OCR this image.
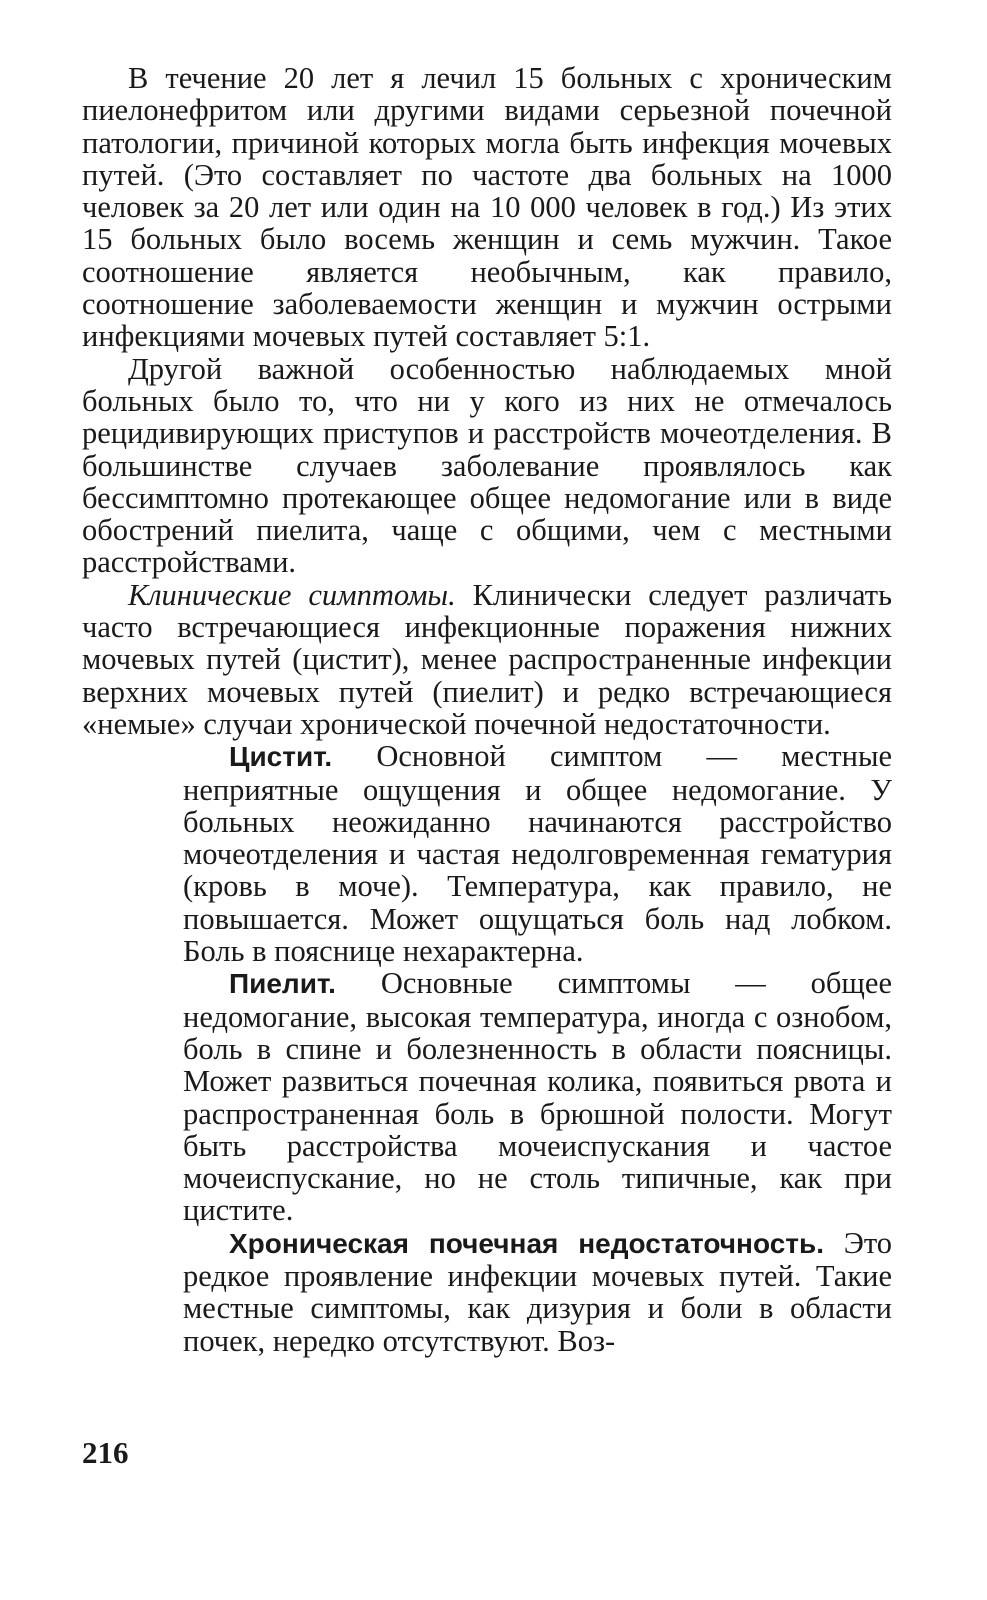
В течение 20 лет я лечил 15 больных с хроническим пиелонефритом или другими видами серьезной почечной патологии, причиной которых могла быть инфекция мочевых путей. (Это составляет по частоте два больных на 1000 человек за 20 лет или один на 10 000 человек в год.) Из этих 15 больных было восемь женщин и семь мужчин. Такое соотношение является необычным, как правило, соотношение заболеваемости женщин и мужчин острыми инфекциями мочевых путей составляет 5:1.

Другой важной особенностью наблюдаемых мной больных было то, что ни у кого из них не отмечалось рецидивирующих приступов и расстройств мочеотделения. В большинстве случаев заболевание проявлялось как бессимптомно протекающее общее недомогание или в виде обострений пиелита, чаще с общими, чем с местными расстройствами.

Клинические симптомы. Клинически следует различать часто встречающиеся инфекционные поражения нижних мочевых путей (цистит), менее распространенные инфекции верхних мочевых путей (пиелит) и редко встречающиеся «немые» случаи хронической почечной недостаточности.

Цистит. Основной симптом — местные неприятные ощущения и общее недомогание. У больных неожиданно начинаются расстройство мочеотделения и частая недолговременная гематурия (кровь в моче). Температура, как правило, не повышается. Может ощущаться боль над лобком. Боль в пояснице нехарактерна.

Пиелит. Основные симптомы — общее недомогание, высокая температура, иногда с ознобом, боль в спине и болезненность в области поясницы. Может развиться почечная колика, появиться рвота и распространенная боль в брюшной полости. Могут быть расстройства мочеиспускания и частое мочеиспускание, но не столь типичные, как при цистите.

Хроническая почечная недостаточность. Это редкое проявление инфекции мочевых путей. Такие местные симптомы, как дизурия и боли в области почек, нередко отсутствуют. Воз-

216
